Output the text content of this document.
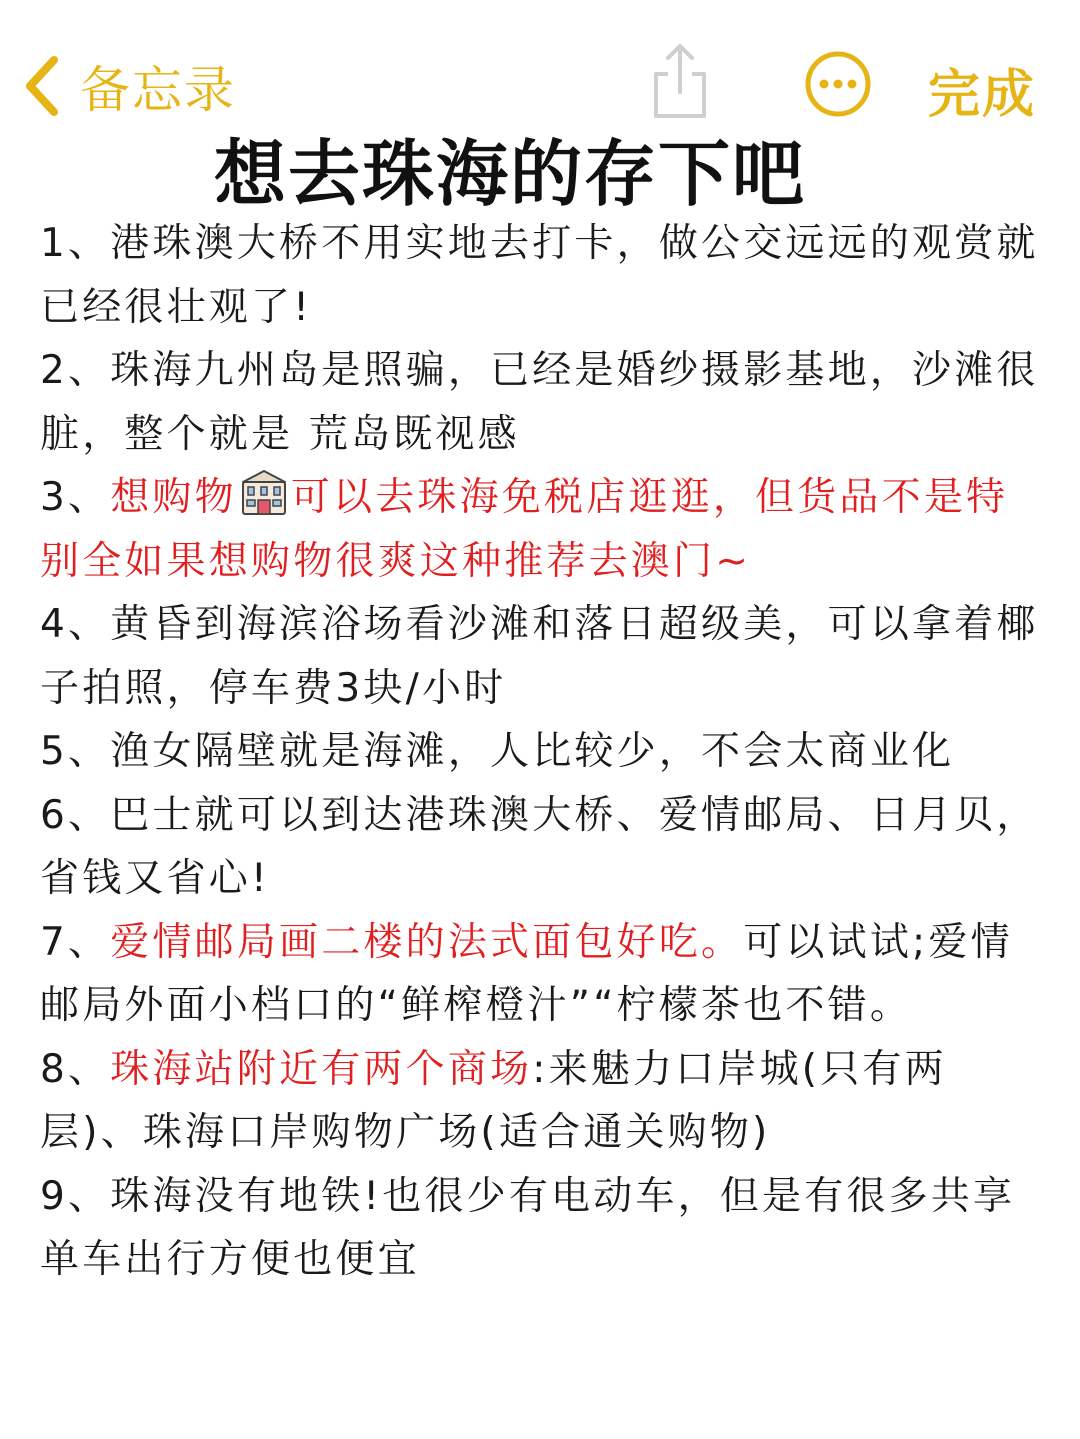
备忘录	完成
想去珠海的存下吧

1、港珠澳大桥不用实地去打卡，做公交远远的观赏就已经很壮观了!

2、珠海九州岛是照骗，已经是婚纱摄影基地，沙滩很脏，整个就是 荒岛既视感

3、想购物 可以去珠海免税店逛逛，但货品不是特别全如果想购物很爽这种推荐去澳门~

4、黄昏到海滨浴场看沙滩和落日超级美，可以拿着椰子拍照，停车费3块/小时

5、渔女隔壁就是海滩，人比较少，不会太商业化

6、巴士就可以到达港珠澳大桥、爱情邮局、日月贝，省钱又省心!

7、爱情邮局画二楼的法式面包好吃。可以试试;爱情邮局外面小档口的“鲜榨橙汁”“柠檬茶也不错。

8、珠海站附近有两个商场:来魅力口岸城(只有两层)、珠海口岸购物广场(适合通关购物)

9、珠海没有地铁!也很少有电动车，但是有很多共享单车出行方便也便宜
